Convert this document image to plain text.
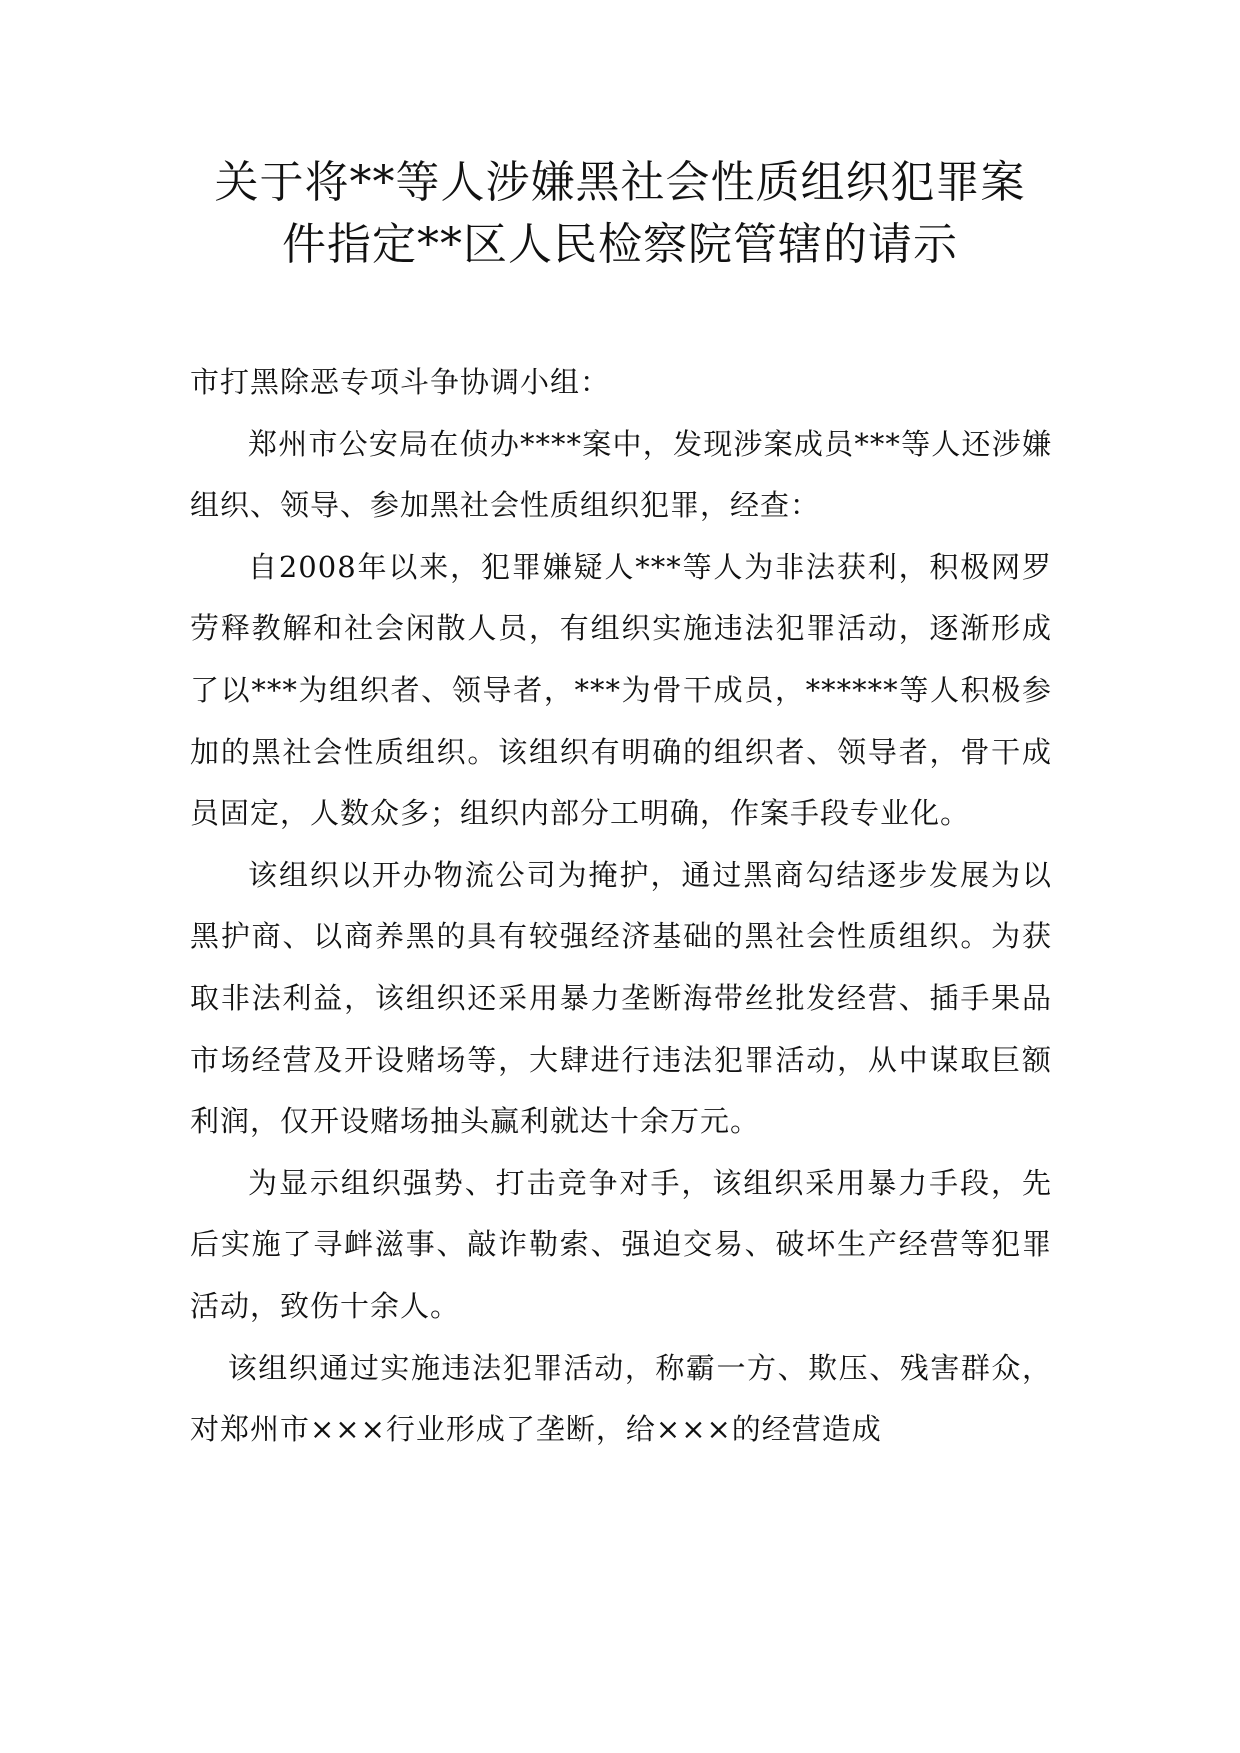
关于将**等人涉嫌黑社会性质组织犯罪案
件指定**区人民检察院管辖的请示

市打黑除恶专项斗争协调小组：

郑州市公安局在侦办****案中，发现涉案成员***等人还涉嫌组织、领导、参加黑社会性质组织犯罪，经查：

自2008年以来，犯罪嫌疑人***等人为非法获利，积极网罗劳释教解和社会闲散人员，有组织实施违法犯罪活动，逐渐形成了以***为组织者、领导者，***为骨干成员，******等人积极参加的黑社会性质组织。该组织有明确的组织者、领导者，骨干成员固定，人数众多；组织内部分工明确，作案手段专业化。

该组织以开办物流公司为掩护，通过黑商勾结逐步发展为以黑护商、以商养黑的具有较强经济基础的黑社会性质组织。为获取非法利益，该组织还采用暴力垄断海带丝批发经营、插手果品市场经营及开设赌场等，大肆进行违法犯罪活动，从中谋取巨额利润，仅开设赌场抽头赢利就达十余万元。

为显示组织强势、打击竞争对手，该组织采用暴力手段，先后实施了寻衅滋事、敲诈勒索、强迫交易、破坏生产经营等犯罪活动，致伤十余人。

该组织通过实施违法犯罪活动，称霸一方、欺压、残害群众，对郑州市×××行业形成了垄断，给×××的经营造成
